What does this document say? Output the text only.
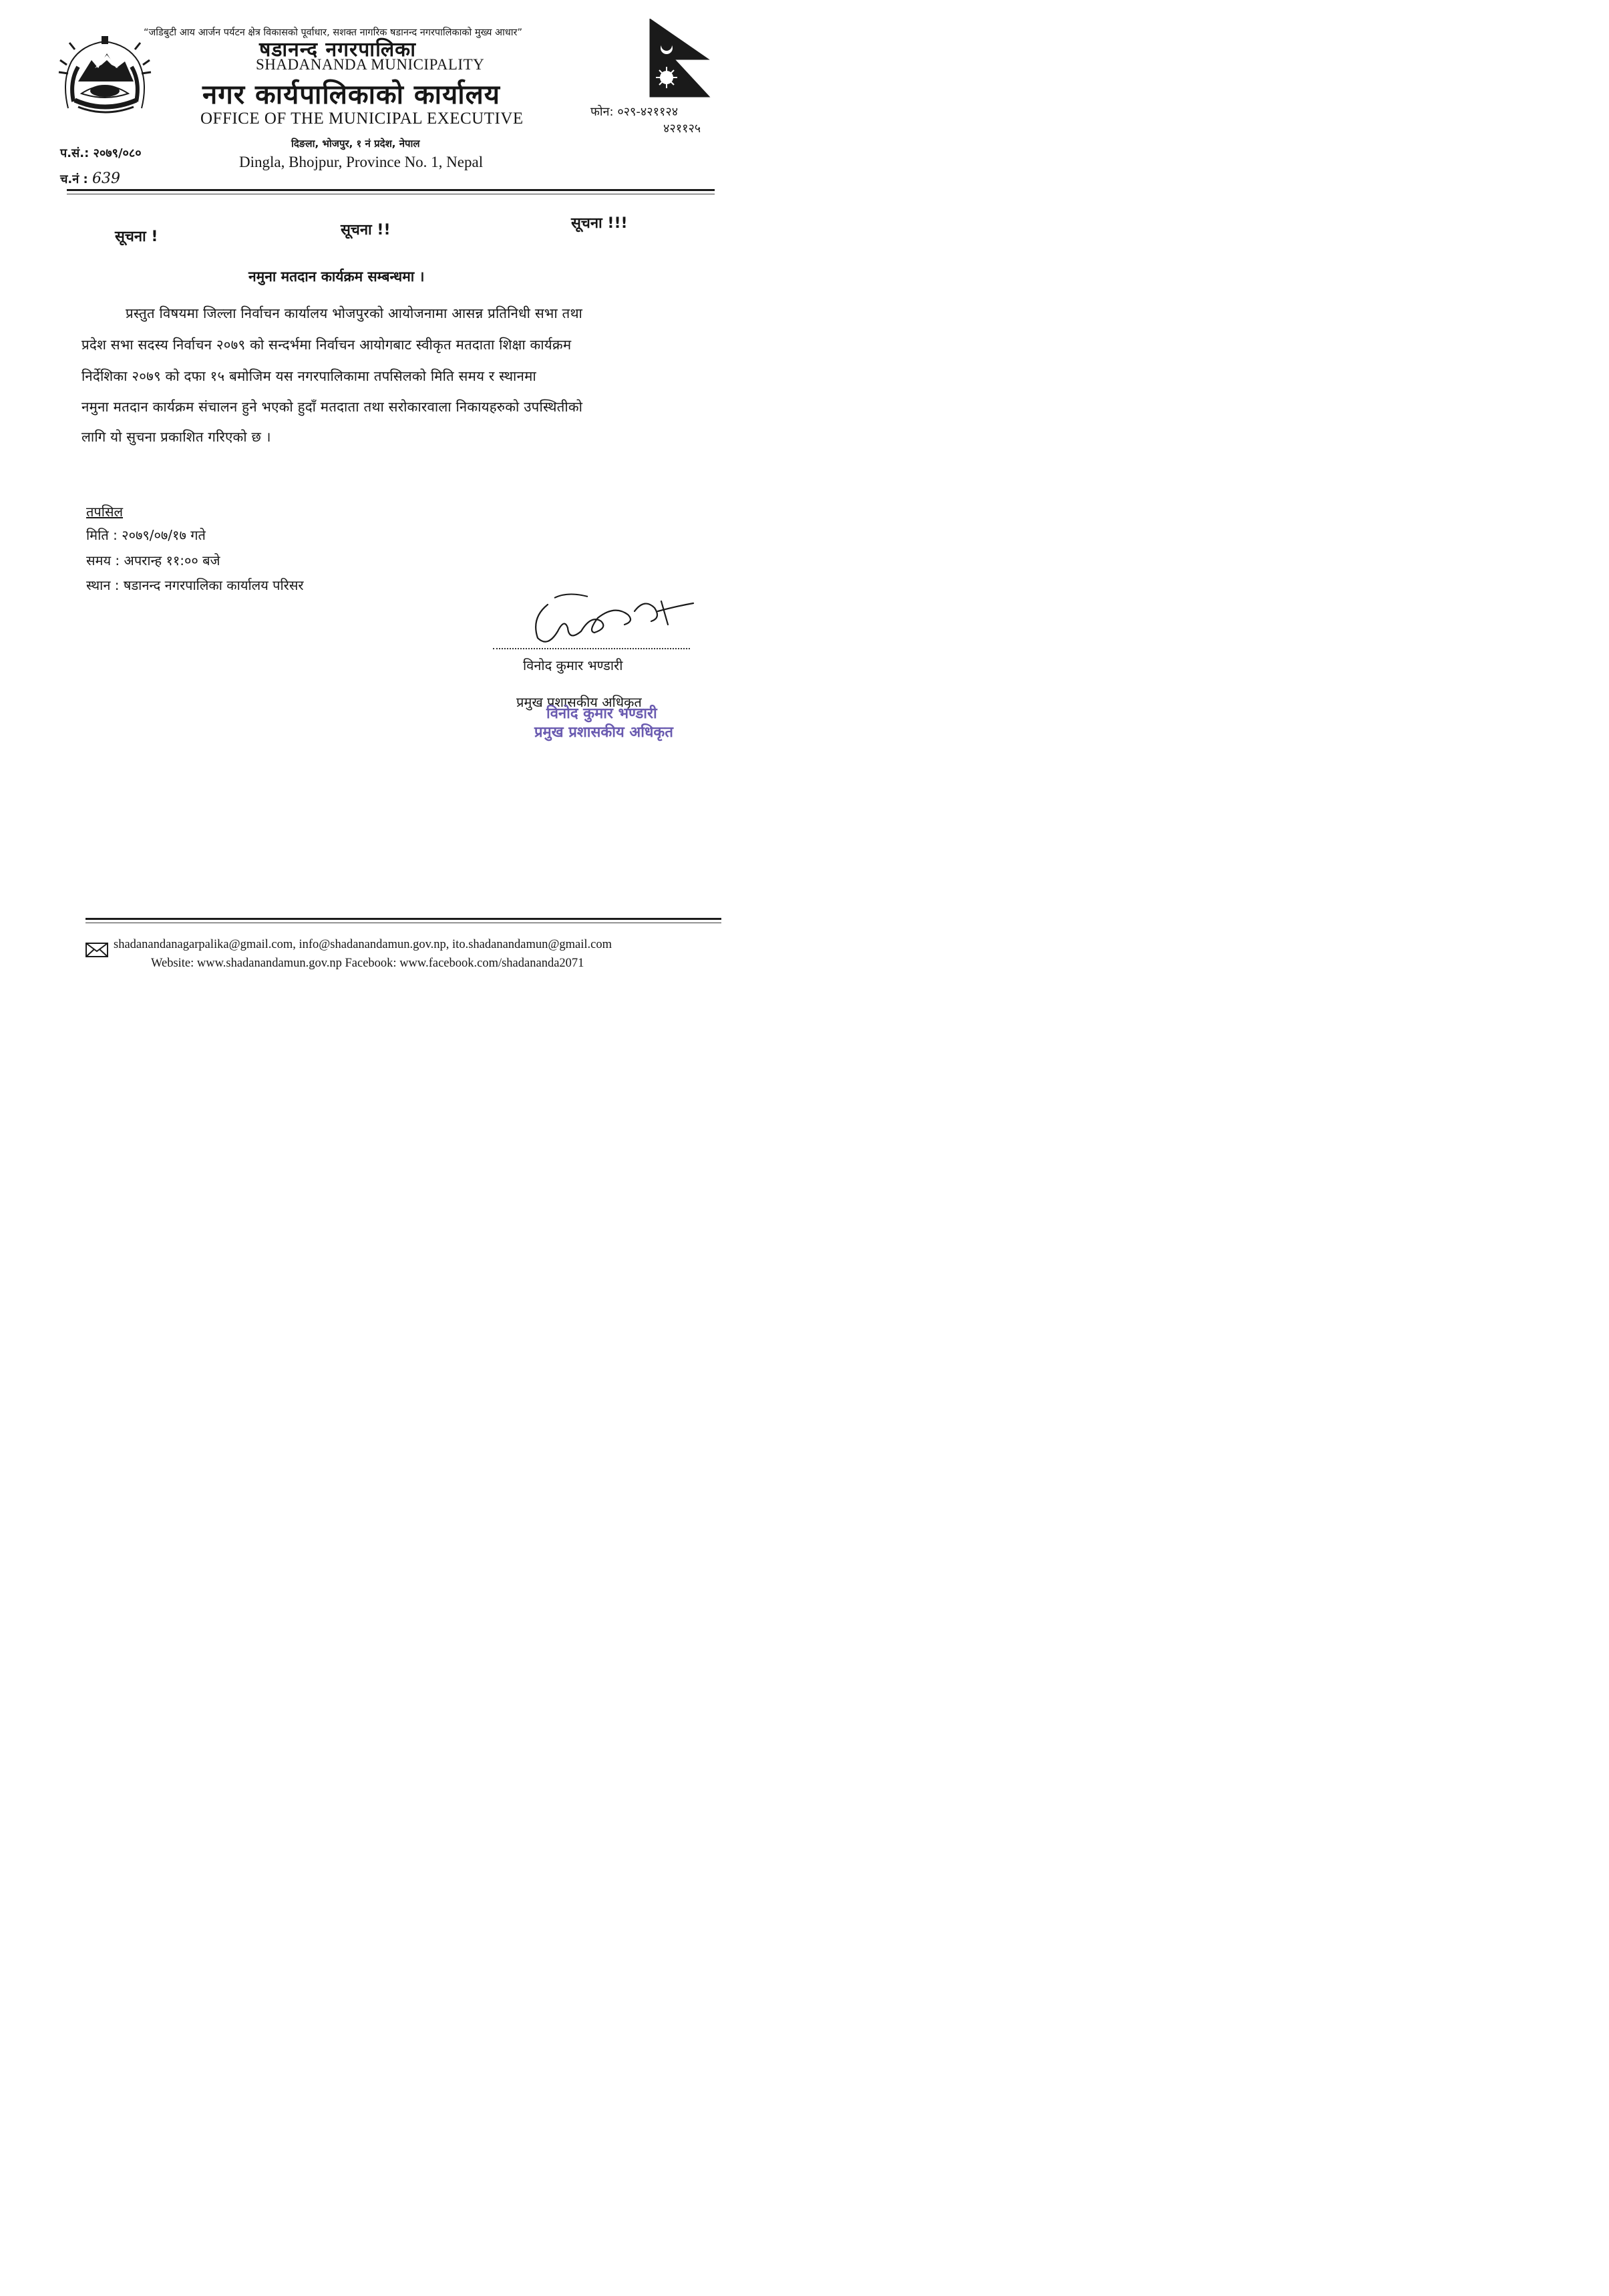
“जडिबुटी आय आर्जन पर्यटन क्षेत्र विकासको पूर्वाधार, सशक्त नागरिक षडानन्द नगरपालिकाको मुख्य आधार”
षडानन्द नगरपालिका
SHADANANDA MUNICIPALITY
नगर कार्यपालिकाको कार्यालय
OFFICE OF THE MUNICIPAL EXECUTIVE
दिङला, भोजपुर, १ नं प्रदेश, नेपाल
Dingla, Bhojpur, Province No. 1, Nepal
फोन: ०२९-४२११२४
४२११२५
प.सं.: २०७९/०८०
च.नं : 639
सूचना !	सूचना !!	सूचना !!!
नमुना मतदान कार्यक्रम सम्बन्धमा ।
प्रस्तुत विषयमा जिल्ला निर्वाचन कार्यालय भोजपुरको आयोजनामा आसन्न प्रतिनिधी सभा तथा
प्रदेश सभा सदस्य निर्वाचन २०७९ को सन्दर्भमा निर्वाचन आयोगबाट स्वीकृत मतदाता शिक्षा कार्यक्रम
निर्देशिका २०७९ को दफा १५ बमोजिम यस नगरपालिकामा तपसिलको मिति समय र स्थानमा
नमुना मतदान कार्यक्रम संचालन हुने भएको हुदाँ मतदाता तथा सरोकारवाला निकायहरुको उपस्थितीको
लागि यो सुचना प्रकाशित गरिएको छ ।
तपसिल
मिति : २०७९/०७/१७ गते
समय : अपरान्ह ११:०० बजे
स्थान : षडानन्द नगरपालिका कार्यालय परिसर
विनोद कुमार भण्डारी
प्रमुख प्रशासकीय अधिकृत
विनोद कुमार भण्डारी
प्रमुख प्रशासकीय अधिकृत
shadanandanagarpalika@gmail.com, info@shadanandamun.gov.np, ito.shadanandamun@gmail.com
Website: www.shadanandamun.gov.np Facebook: www.facebook.com/shadananda2071
